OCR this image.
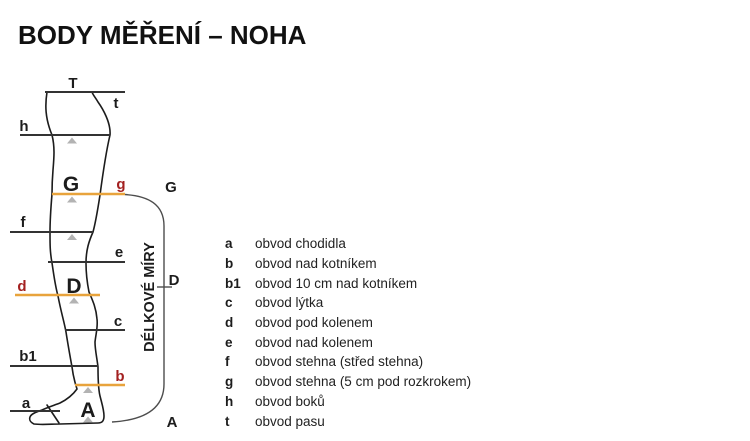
BODY MĚŘENÍ – NOHA
T
t
h
G g
f
e
D
d
c
b1
b
a A
G
D
A
DÉLKOVÉ MÍRY	a	obvod chodidla
b	obvod nad kotníkem
b1	obvod 10 cm nad kotníkem
c	obvod lýtka
d	obvod pod kolenem
e	obvod nad kolenem
f	obvod stehna (střed stehna)
g	obvod stehna (5 cm pod rozkrokem)
h	obvod boků
t	obvod pasu
